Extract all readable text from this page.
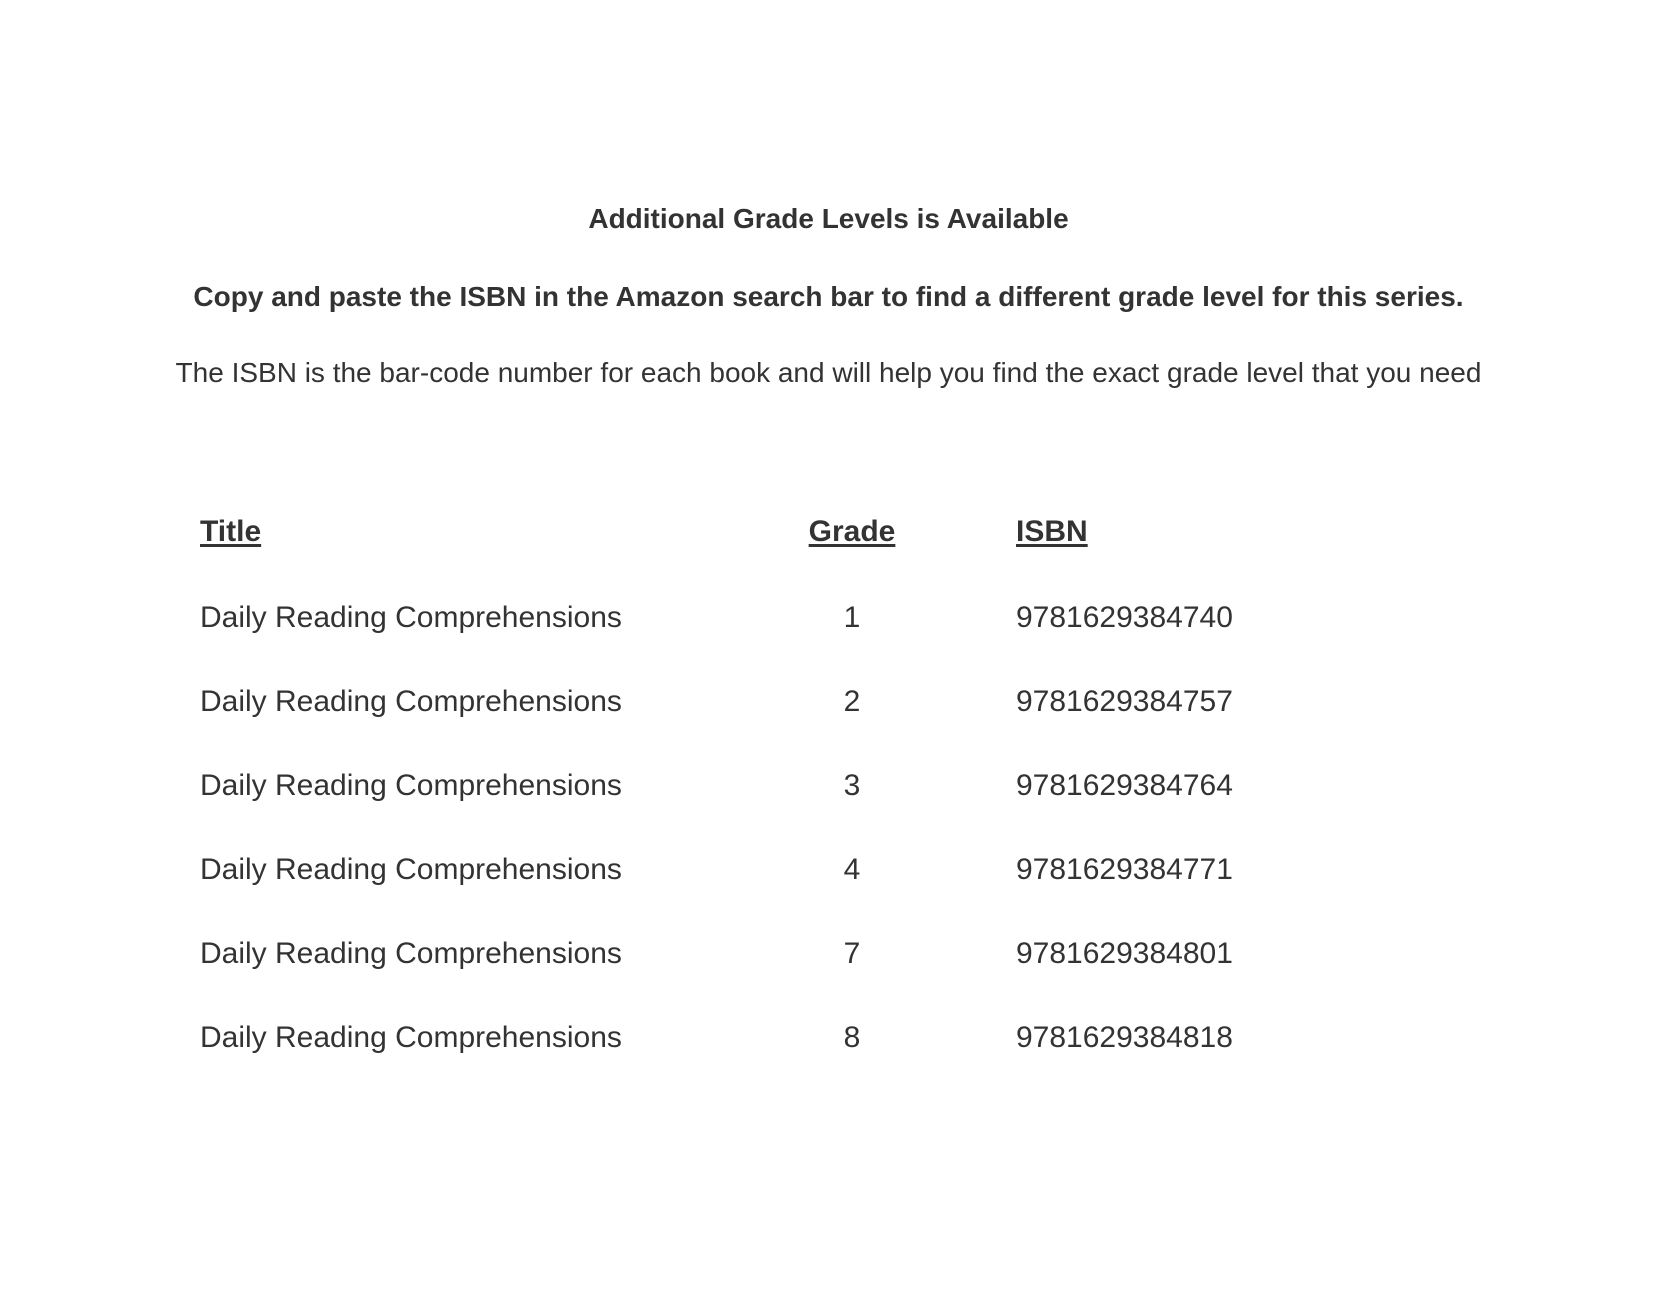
Additional Grade Levels is Available

Copy and paste the ISBN in the Amazon search bar to find a different grade level for this series.

The ISBN is the bar-code number for each book and will help you find the exact grade level that you need

Title	Grade	ISBN
Daily Reading Comprehensions	1	9781629384740
Daily Reading Comprehensions	2	9781629384757
Daily Reading Comprehensions	3	9781629384764
Daily Reading Comprehensions	4	9781629384771
Daily Reading Comprehensions	7	9781629384801
Daily Reading Comprehensions	8	9781629384818
